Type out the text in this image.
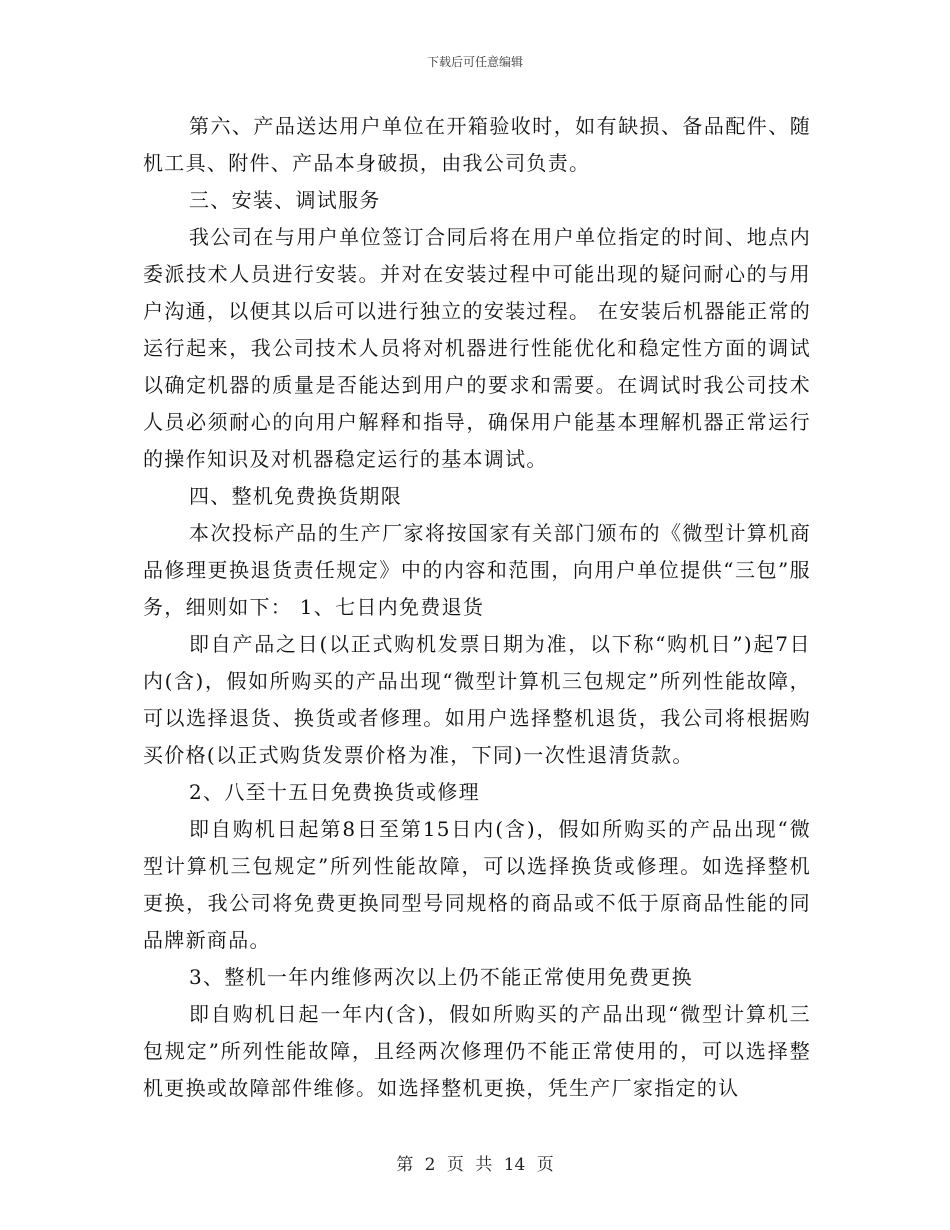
下载后可任意编辑

第六、产品送达用户单位在开箱验收时，如有缺损、备品配件、随机工具、附件、产品本身破损，由我公司负责。

三、安装、调试服务

我公司在与用户单位签订合同后将在用户单位指定的时间、地点内委派技术人员进行安装。并对在安装过程中可能出现的疑问耐心的与用户沟通，以便其以后可以进行独立的安装过程。 在安装后机器能正常的运行起来，我公司技术人员将对机器进行性能优化和稳定性方面的调试以确定机器的质量是否能达到用户的要求和需要。在调试时我公司技术人员必须耐心的向用户解释和指导，确保用户能基本理解机器正常运行的操作知识及对机器稳定运行的基本调试。

四、整机免费换货期限

本次投标产品的生产厂家将按国家有关部门颁布的《微型计算机商品修理更换退货责任规定》中的内容和范围，向用户单位提供“三包”服务，细则如下： 1、七日内免费退货

即自产品之日(以正式购机发票日期为准，以下称“购机日”)起7日内(含)，假如所购买的产品出现“微型计算机三包规定”所列性能故障，可以选择退货、换货或者修理。如用户选择整机退货，我公司将根据购买价格(以正式购货发票价格为准，下同)一次性退清货款。

2、八至十五日免费换货或修理

即自购机日起第8日至第15日内(含)，假如所购买的产品出现“微型计算机三包规定”所列性能故障，可以选择换货或修理。如选择整机更换，我公司将免费更换同型号同规格的商品或不低于原商品性能的同品牌新商品。

3、整机一年内维修两次以上仍不能正常使用免费更换

即自购机日起一年内(含)，假如所购买的产品出现“微型计算机三包规定”所列性能故障，且经两次修理仍不能正常使用的，可以选择整机更换或故障部件维修。如选择整机更换，凭生产厂家指定的认

第 2 页 共 14 页
